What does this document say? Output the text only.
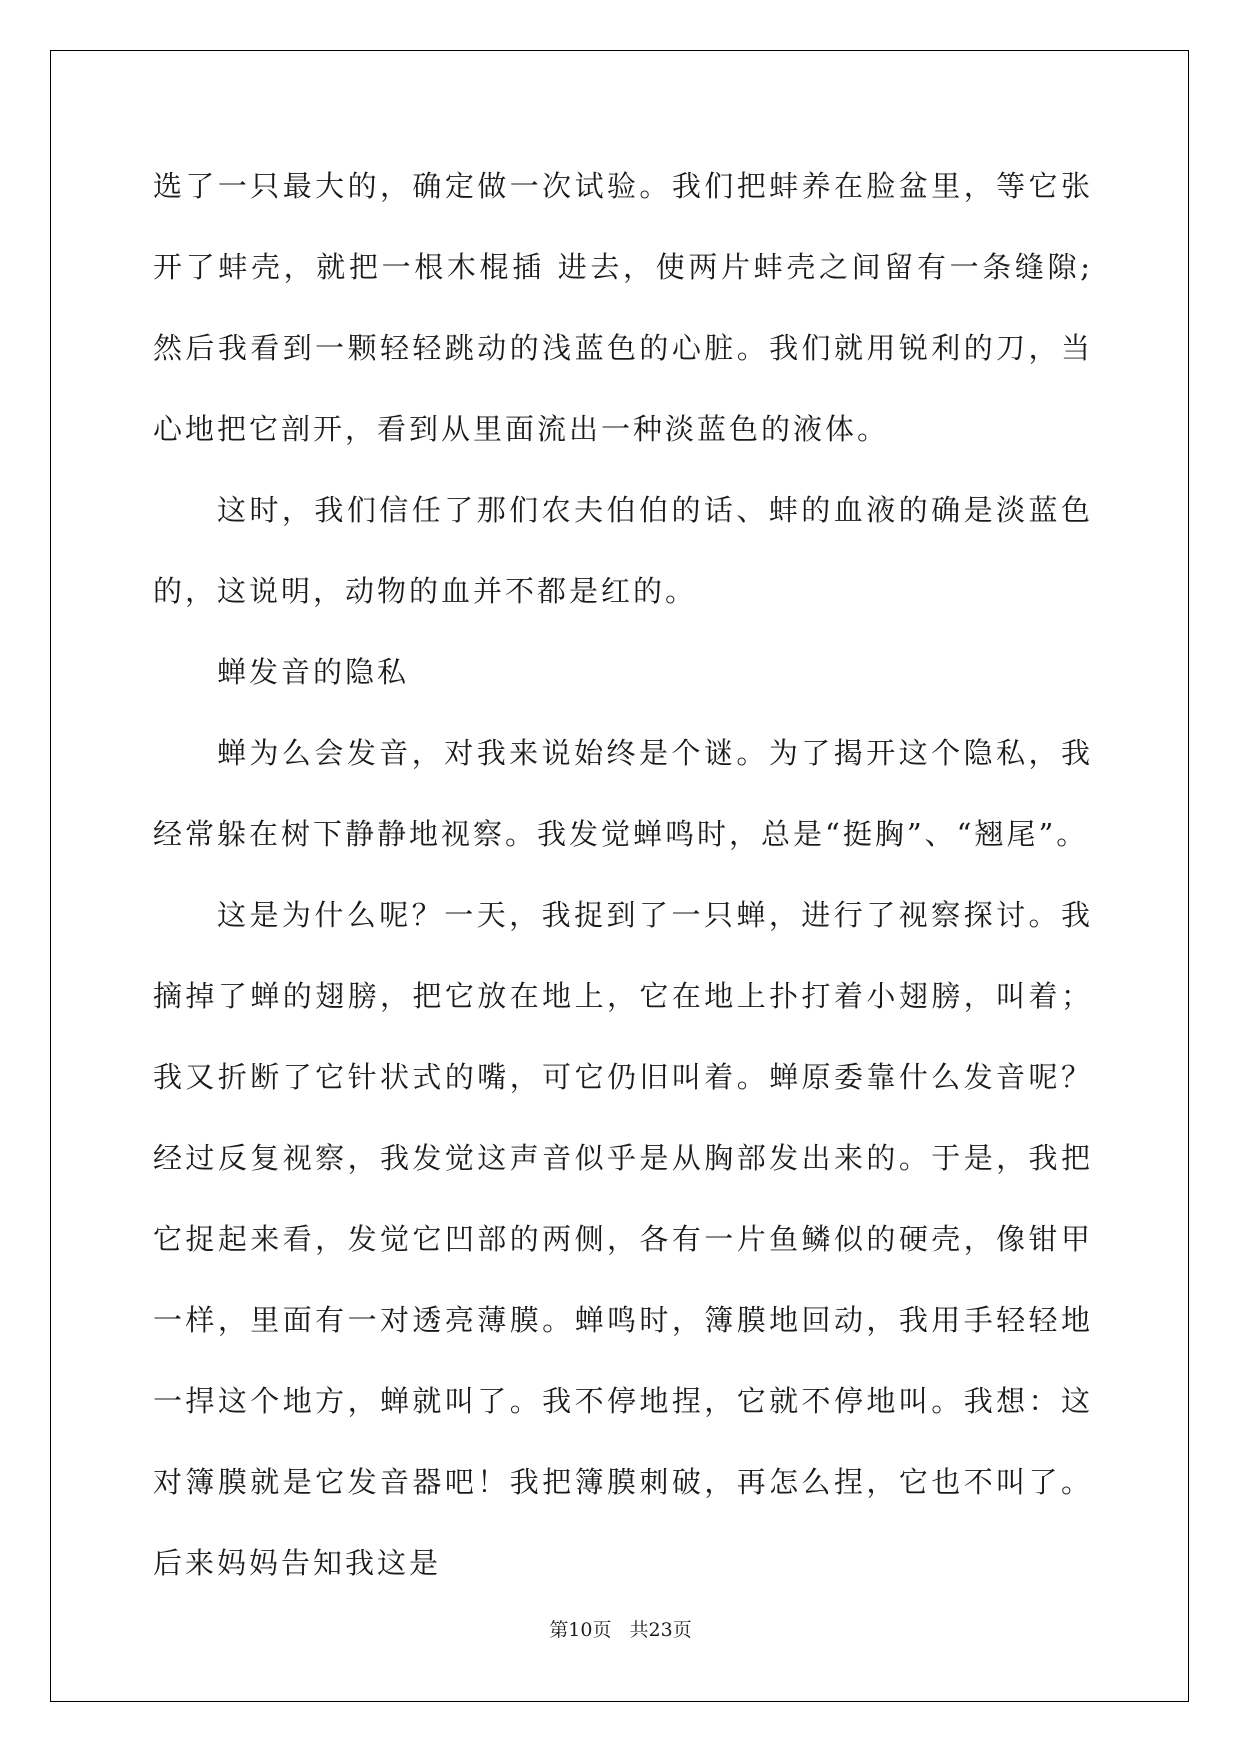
选了一只最大的，确定做一次试验。我们把蚌养在脸盆里，等它张开了蚌壳，就把一根木棍插 进去，使两片蚌壳之间留有一条缝隙;然后我看到一颗轻轻跳动的浅蓝色的心脏。我们就用锐利的刀，当心地把它剖开，看到从里面流出一种淡蓝色的液体。

这时，我们信任了那们农夫伯伯的话、蚌的血液的确是淡蓝色的，这说明，动物的血并不都是红的。

蝉发音的隐私

蝉为么会发音，对我来说始终是个谜。为了揭开这个隐私，我经常躲在树下静静地视察。我发觉蝉鸣时，总是“挺胸”、“翘尾”。

这是为什么呢？一天，我捉到了一只蝉，进行了视察探讨。我摘掉了蝉的翅膀，把它放在地上，它在地上扑打着小翅膀，叫着；我又折断了它针状式的嘴，可它仍旧叫着。蝉原委靠什么发音呢？经过反复视察，我发觉这声音似乎是从胸部发出来的。于是，我把它捉起来看，发觉它凹部的两侧，各有一片鱼鳞似的硬壳，像钳甲一样，里面有一对透亮薄膜。蝉鸣时，簿膜地回动，我用手轻轻地一捍这个地方，蝉就叫了。我不停地捏，它就不停地叫。我想：这对簿膜就是它发音器吧！我把簿膜刺破，再怎么捏，它也不叫了。后来妈妈告知我这是

第10页 共23页
